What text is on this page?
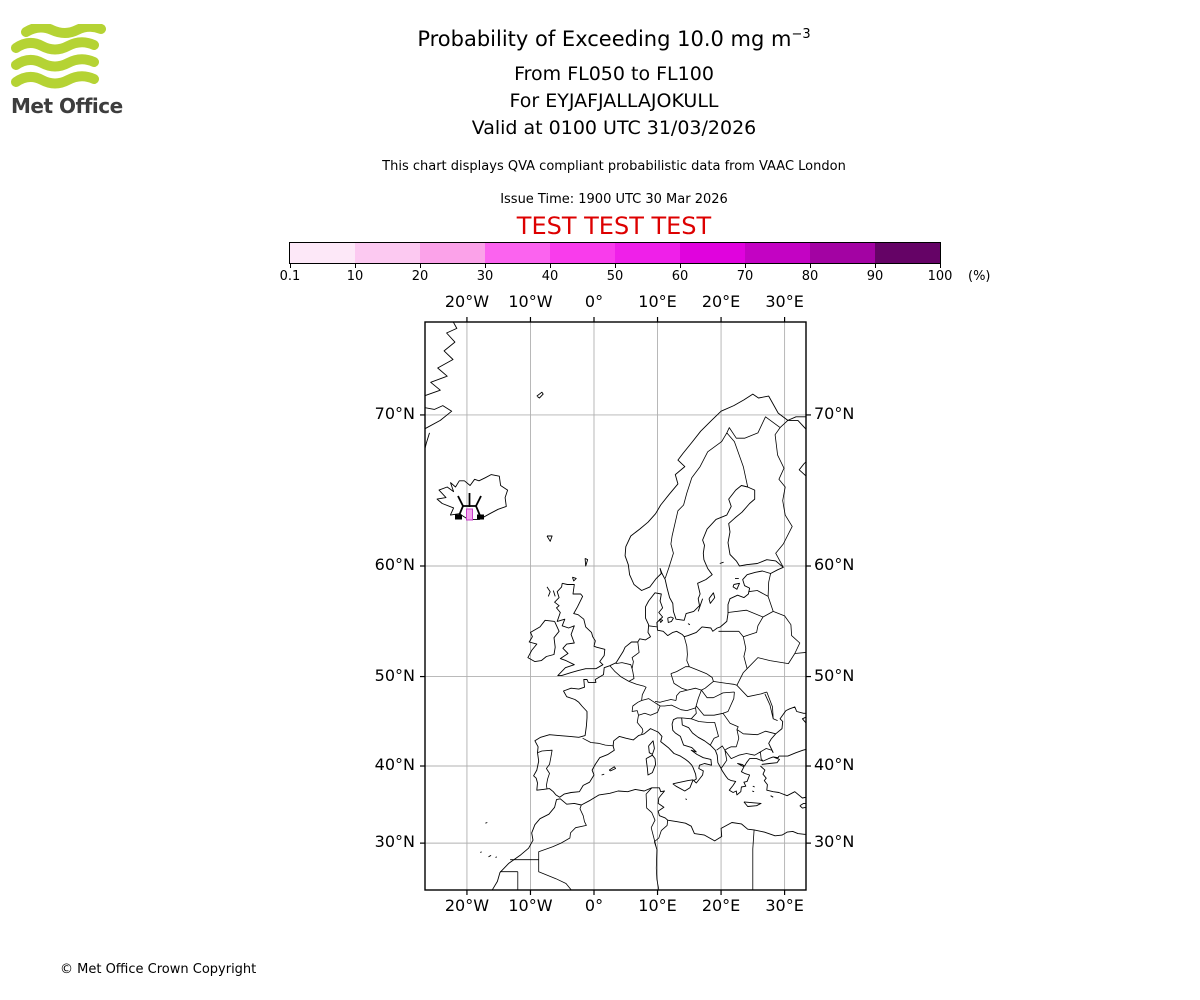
Met Office
Probability of Exceeding 10.0 mg $m^{-3}$
From FL050 to FL100
For EYJAFJALLAJOKULL
Valid at 0100 UTC 31/03/2026
This chart displays QVA compliant probabilistic data from VAAC London
Issue Time: 1900 UTC 30 Mar 2026
TEST TEST TEST
0.1	10	20	30	40	50	60	70	80	90	100	(%)
20°W
20°W
10°W
10°W
0°
0°
10°E
10°E
20°E
20°E
30°E
30°E
70°N	70°N
60°N	60°N
50°N	50°N
40°N	40°N
30°N	30°N
© Met Office Crown Copyright
